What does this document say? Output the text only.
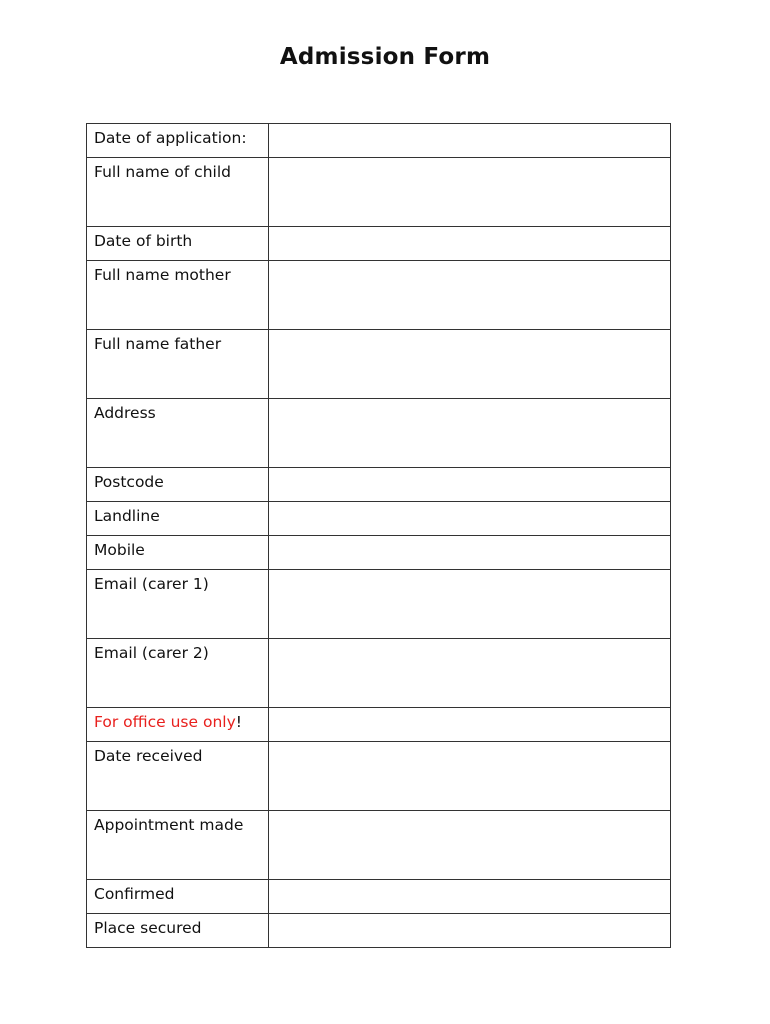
Admission Form
Date of application:	
Full name of child	
Date of birth	
Full name mother	
Full name father	
Address	
Postcode	
Landline	
Mobile	
Email (carer 1)	
Email (carer 2)	
For office use only!	
Date received	
Appointment made	
Confirmed	
Place secured	
